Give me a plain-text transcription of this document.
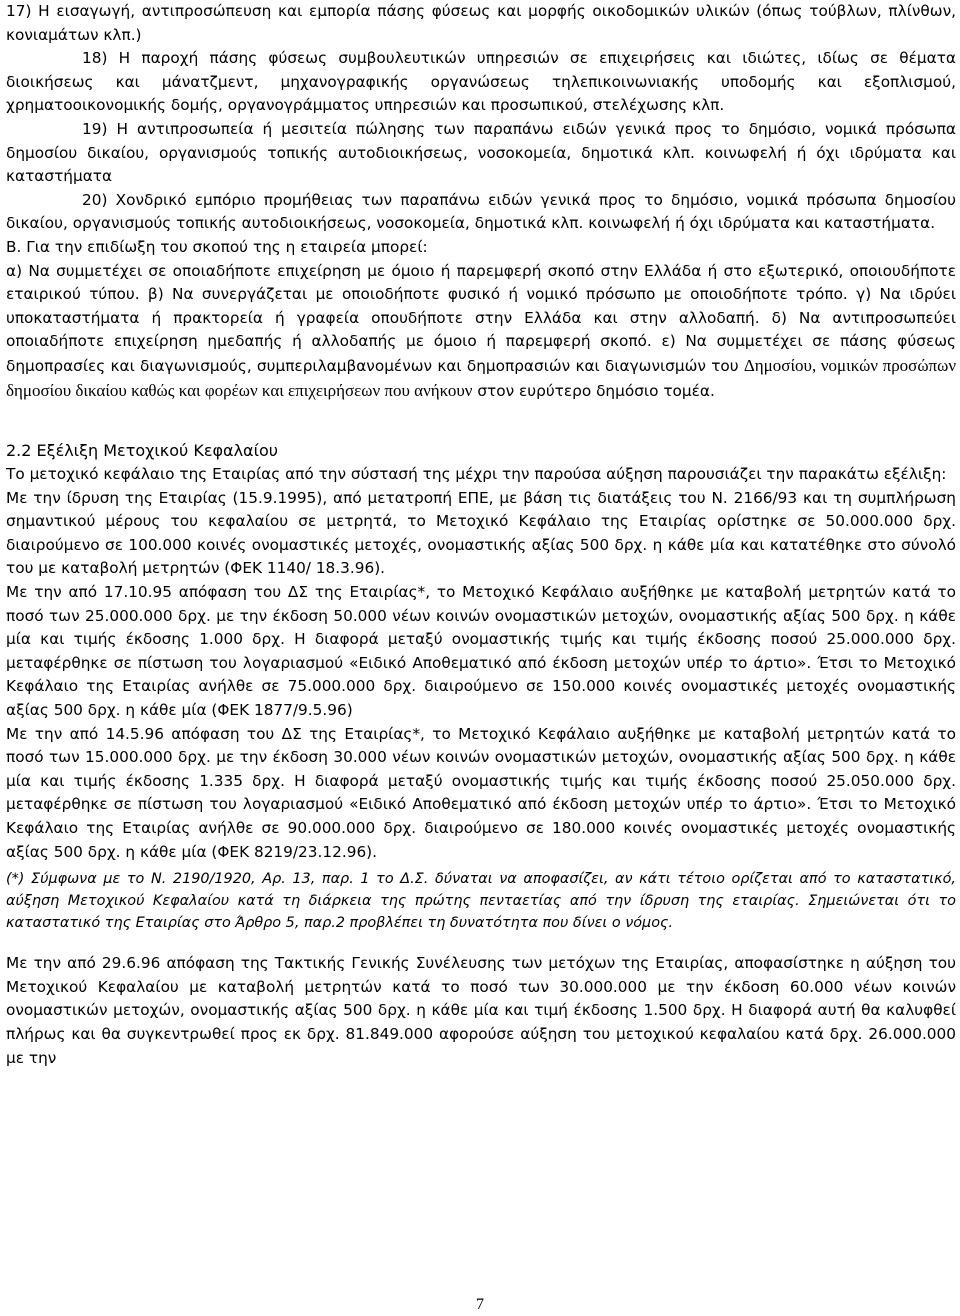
17) Η εισαγωγή, αντιπροσώπευση και εμπορία πάσης φύσεως και μορφής οικοδομικών υλικών (όπως τούβλων, πλίνθων, κονιαμάτων κλπ.)

18) Η παροχή πάσης φύσεως συμβουλευτικών υπηρεσιών σε επιχειρήσεις και ιδιώτες, ιδίως σε θέματα διοικήσεως και μάνατζμεντ, μηχανογραφικής οργανώσεως τηλεπικοινωνιακής υποδομής και εξοπλισμού, χρηματοοικονομικής δομής, οργανογράμματος υπηρεσιών και προσωπικού, στελέχωσης κλπ.

19) Η αντιπροσωπεία ή μεσιτεία πώλησης των παραπάνω ειδών γενικά προς το δημόσιο, νομικά πρόσωπα δημοσίου δικαίου, οργανισμούς τοπικής αυτοδιοικήσεως, νοσοκομεία, δημοτικά κλπ. κοινωφελή ή όχι ιδρύματα και καταστήματα

20) Χονδρικό εμπόριο προμήθειας των παραπάνω ειδών γενικά προς το δημόσιο, νομικά πρόσωπα δημοσίου δικαίου, οργανισμούς τοπικής αυτοδιοικήσεως, νοσοκομεία, δημοτικά κλπ. κοινωφελή ή όχι ιδρύματα και καταστήματα.

Β. Για την επιδίωξη του σκοπού της η εταιρεία μπορεί:

α) Να συμμετέχει σε οποιαδήποτε επιχείρηση με όμοιο ή παρεμφερή σκοπό στην Ελλάδα ή στο εξωτερικό, οποιουδήποτε εταιρικού τύπου. β) Να συνεργάζεται με οποιοδήποτε φυσικό ή νομικό πρόσωπο με οποιοδήποτε τρόπο. γ) Να ιδρύει υποκαταστήματα ή πρακτορεία ή γραφεία οπουδήποτε στην Ελλάδα και στην αλλοδαπή. δ) Να αντιπροσωπεύει οποιαδήποτε επιχείρηση ημεδαπής ή αλλοδαπής με όμοιο ή παρεμφερή σκοπό. ε) Να συμμετέχει σε πάσης φύσεως δημοπρασίες και διαγωνισμούς, συμπεριλαμβανομένων και δημοπρασιών και διαγωνισμών του Δημοσίου, νομικών προσώπων δημοσίου δικαίου καθώς και φορέων και επιχειρήσεων που ανήκουν στον ευρύτερο δημόσιο τομέα.

2.2 Εξέλιξη Μετοχικού Κεφαλαίου

Το μετοχικό κεφάλαιο της Εταιρίας από την σύστασή της μέχρι την παρούσα αύξηση παρουσιάζει την παρακάτω εξέλιξη:

Με την ίδρυση της Εταιρίας (15.9.1995), από μετατροπή ΕΠΕ, με βάση τις διατάξεις του Ν. 2166/93 και τη συμπλήρωση σημαντικού μέρους του κεφαλαίου σε μετρητά, το Μετοχικό Κεφάλαιο της Εταιρίας ορίστηκε σε 50.000.000 δρχ. διαιρούμενο σε 100.000 κοινές ονομαστικές μετοχές, ονομαστικής αξίας 500 δρχ. η κάθε μία και κατατέθηκε στο σύνολό του με καταβολή μετρητών (ΦΕΚ 1140/ 18.3.96).

Με την από 17.10.95 απόφαση του ΔΣ της Εταιρίας*, το Μετοχικό Κεφάλαιο αυξήθηκε με καταβολή μετρητών κατά το ποσό των 25.000.000 δρχ. με την έκδοση 50.000 νέων κοινών ονομαστικών μετοχών, ονομαστικής αξίας 500 δρχ. η κάθε μία και τιμής έκδοσης 1.000 δρχ. Η διαφορά μεταξύ ονομαστικής τιμής και τιμής έκδοσης ποσού 25.000.000 δρχ. μεταφέρθηκε σε πίστωση του λογαριασμού «Ειδικό Αποθεματικό από έκδοση μετοχών υπέρ το άρτιο». Έτσι το Μετοχικό Κεφάλαιο της Εταιρίας ανήλθε σε 75.000.000 δρχ. διαιρούμενο σε 150.000 κοινές ονομαστικές μετοχές ονομαστικής αξίας 500 δρχ. η κάθε μία (ΦΕΚ 1877/9.5.96)

Με την από 14.5.96 απόφαση του ΔΣ της Εταιρίας*, το Μετοχικό Κεφάλαιο αυξήθηκε με καταβολή μετρητών κατά το ποσό των 15.000.000 δρχ. με την έκδοση 30.000 νέων κοινών ονομαστικών μετοχών, ονομαστικής αξίας 500 δρχ. η κάθε μία και τιμής έκδοσης 1.335 δρχ. Η διαφορά μεταξύ ονομαστικής τιμής και τιμής έκδοσης ποσού 25.050.000 δρχ. μεταφέρθηκε σε πίστωση του λογαριασμού «Ειδικό Αποθεματικό από έκδοση μετοχών υπέρ το άρτιο». Έτσι το Μετοχικό Κεφάλαιο της Εταιρίας ανήλθε σε 90.000.000 δρχ. διαιρούμενο σε 180.000 κοινές ονομαστικές μετοχές ονομαστικής αξίας 500 δρχ. η κάθε μία (ΦΕΚ 8219/23.12.96).

(*) Σύμφωνα με το Ν. 2190/1920, Αρ. 13, παρ. 1 το Δ.Σ. δύναται να αποφασίζει, αν κάτι τέτοιο ορίζεται από το καταστατικό, αύξηση Μετοχικού Κεφαλαίου κατά τη διάρκεια της πρώτης πενταετίας από την ίδρυση της εταιρίας. Σημειώνεται ότι το καταστατικό της Εταιρίας στο Άρθρο 5, παρ.2 προβλέπει τη δυνατότητα που δίνει ο νόμος.

Με την από 29.6.96 απόφαση της Τακτικής Γενικής Συνέλευσης των μετόχων της Εταιρίας, αποφασίστηκε η αύξηση του Μετοχικού Κεφαλαίου με καταβολή μετρητών κατά το ποσό των 30.000.000 με την έκδοση 60.000 νέων κοινών ονομαστικών μετοχών, ονομαστικής αξίας 500 δρχ. η κάθε μία και τιμή έκδοσης 1.500 δρχ. Η διαφορά αυτή θα καλυφθεί πλήρως και θα συγκεντρωθεί προς εκ δρχ. 81.849.000 αφορούσε αύξηση του μετοχικού κεφαλαίου κατά δρχ. 26.000.000 με την

7
